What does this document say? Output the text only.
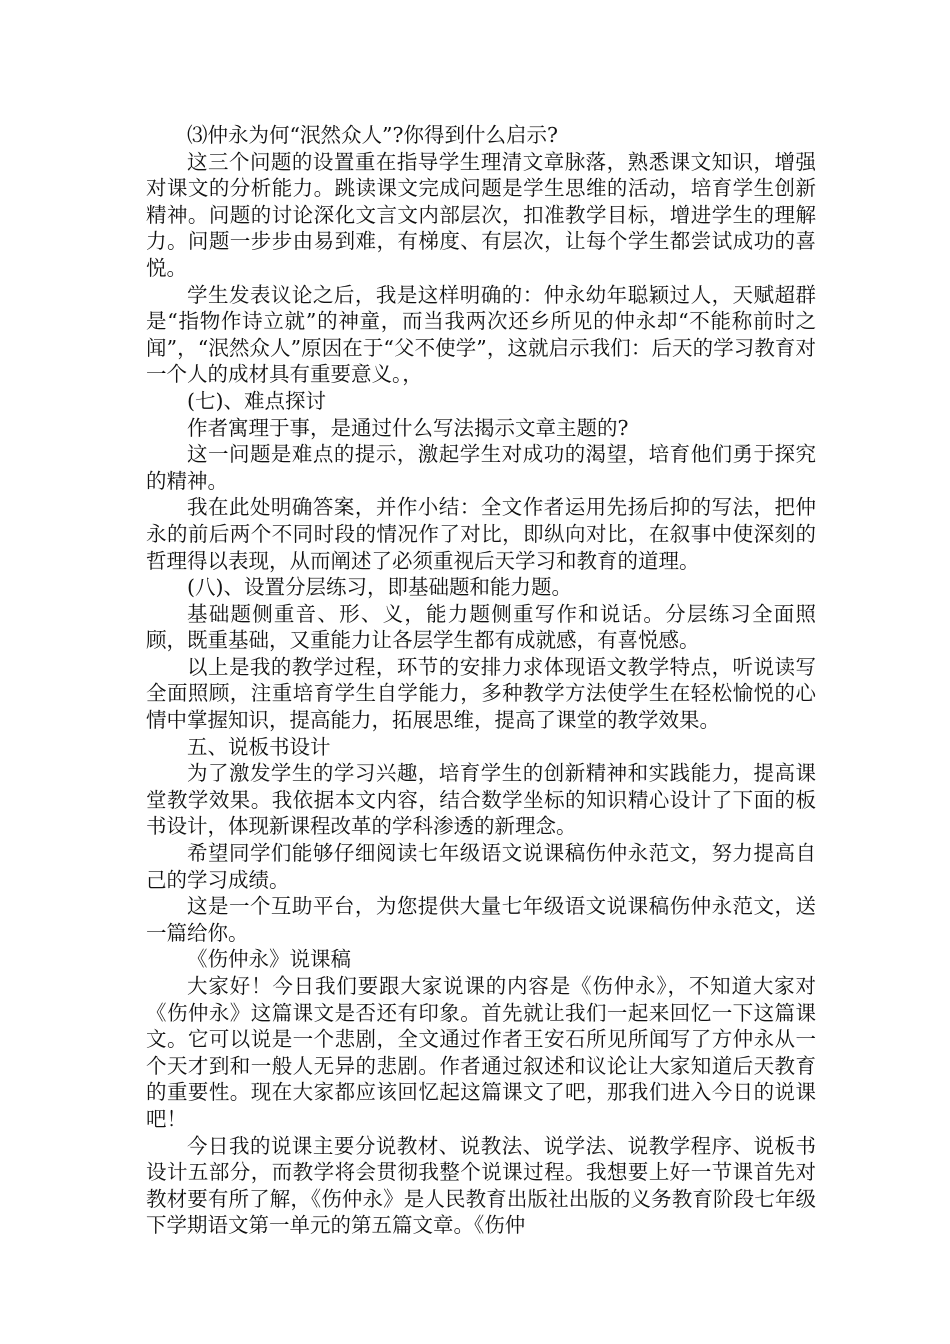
⑶仲永为何“泯然众人”?你得到什么启示?

这三个问题的设置重在指导学生理清文章脉落，熟悉课文知识，增强对课文的分析能力。跳读课文完成问题是学生思维的活动，培育学生创新精神。问题的讨论深化文言文内部层次，扣准教学目标，增进学生的理解力。问题一步步由易到难，有梯度、有层次，让每个学生都尝试成功的喜悦。

学生发表议论之后，我是这样明确的：仲永幼年聪颖过人，天赋超群是“指物作诗立就”的神童，而当我两次还乡所见的仲永却“不能称前时之闻”，“泯然众人”原因在于“父不使学”，这就启示我们：后天的学习教育对一个人的成材具有重要意义。，

(七)、难点探讨

作者寓理于事，是通过什么写法揭示文章主题的?

这一问题是难点的提示，激起学生对成功的渴望，培育他们勇于探究的精神。

我在此处明确答案，并作小结：全文作者运用先扬后抑的写法，把仲永的前后两个不同时段的情况作了对比，即纵向对比，在叙事中使深刻的哲理得以表现，从而阐述了必须重视后天学习和教育的道理。

(八)、设置分层练习，即基础题和能力题。

基础题侧重音、形、义，能力题侧重写作和说话。分层练习全面照顾，既重基础，又重能力让各层学生都有成就感，有喜悦感。

以上是我的教学过程，环节的安排力求体现语文教学特点，听说读写全面照顾，注重培育学生自学能力，多种教学方法使学生在轻松愉悦的心情中掌握知识，提高能力，拓展思维，提高了课堂的教学效果。

五、说板书设计

为了激发学生的学习兴趣，培育学生的创新精神和实践能力，提高课堂教学效果。我依据本文内容，结合数学坐标的知识精心设计了下面的板书设计，体现新课程改革的学科渗透的新理念。

希望同学们能够仔细阅读七年级语文说课稿伤仲永范文，努力提高自己的学习成绩。

这是一个互助平台，为您提供大量七年级语文说课稿伤仲永范文，送一篇给你。

《伤仲永》说课稿

大家好！今日我们要跟大家说课的内容是《伤仲永》，不知道大家对《伤仲永》这篇课文是否还有印象。首先就让我们一起来回忆一下这篇课文。它可以说是一个悲剧，全文通过作者王安石所见所闻写了方仲永从一个天才到和一般人无异的悲剧。作者通过叙述和议论让大家知道后天教育的重要性。现在大家都应该回忆起这篇课文了吧，那我们进入今日的说课吧！

今日我的说课主要分说教材、说教法、说学法、说教学程序、说板书设计五部分，而教学将会贯彻我整个说课过程。我想要上好一节课首先对教材要有所了解，《伤仲永》是人民教育出版社出版的义务教育阶段七年级下学期语文第一单元的第五篇文章。《伤仲
